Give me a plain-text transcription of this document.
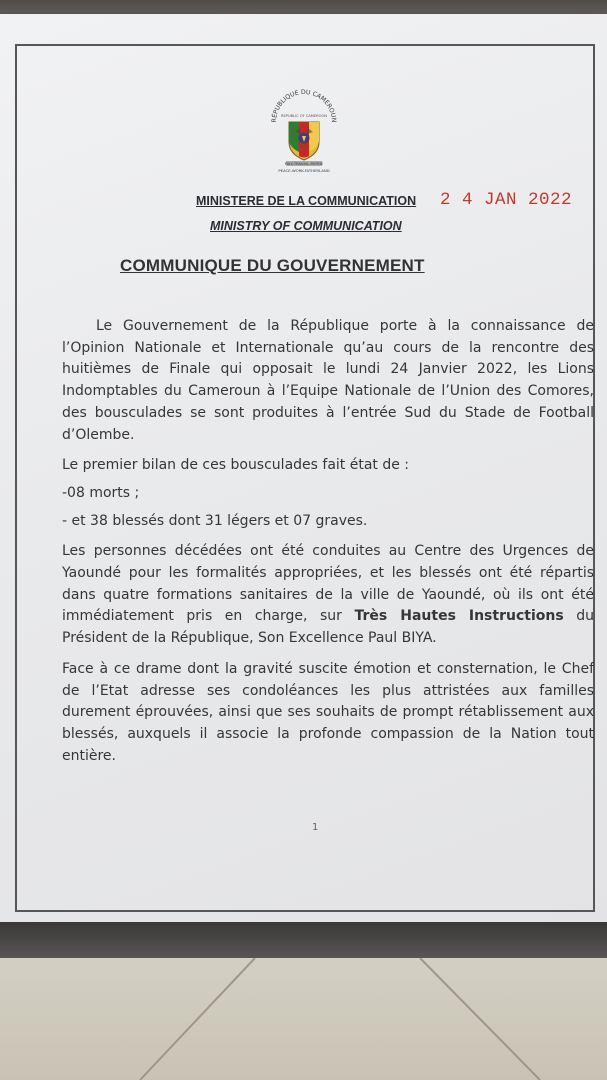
RÉPUBLIQUE DU CAMEROUN
REPUBLIC OF CAMEROON
PAIX-TRAVAIL-PATRIE
PEACE-WORK-FATHERLAND
MINISTERE DE LA COMMUNICATION
MINISTRY OF COMMUNICATION
2 4 JAN 2022
COMMUNIQUE DU GOUVERNEMENT

Le Gouvernement de la République porte à la connaissance de l’Opinion Nationale et Internationale qu’au cours de la rencontre des huitièmes de Finale qui opposait le lundi 24 Janvier 2022, les Lions Indomptables du Cameroun à l’Equipe Nationale de l’Union des Comores, des bousculades se sont produites à l’entrée Sud du Stade de Football d’Olembe.

Le premier bilan de ces bousculades fait état de :

-08 morts ;

- et 38 blessés dont 31 légers et 07 graves.

Les personnes décédées ont été conduites au Centre des Urgences de Yaoundé pour les formalités appropriées, et les blessés ont été répartis dans quatre formations sanitaires de la ville de Yaoundé, où ils ont été immédiatement pris en charge, sur Très Hautes Instructions du Président de la République, Son Excellence Paul BIYA.

Face à ce drame dont la gravité suscite émotion et consternation, le Chef de l’Etat adresse ses condoléances les plus attristées aux familles durement éprouvées, ainsi que ses souhaits de prompt rétablissement aux blessés, auxquels il associe la profonde compassion de la Nation tout entière.

1
